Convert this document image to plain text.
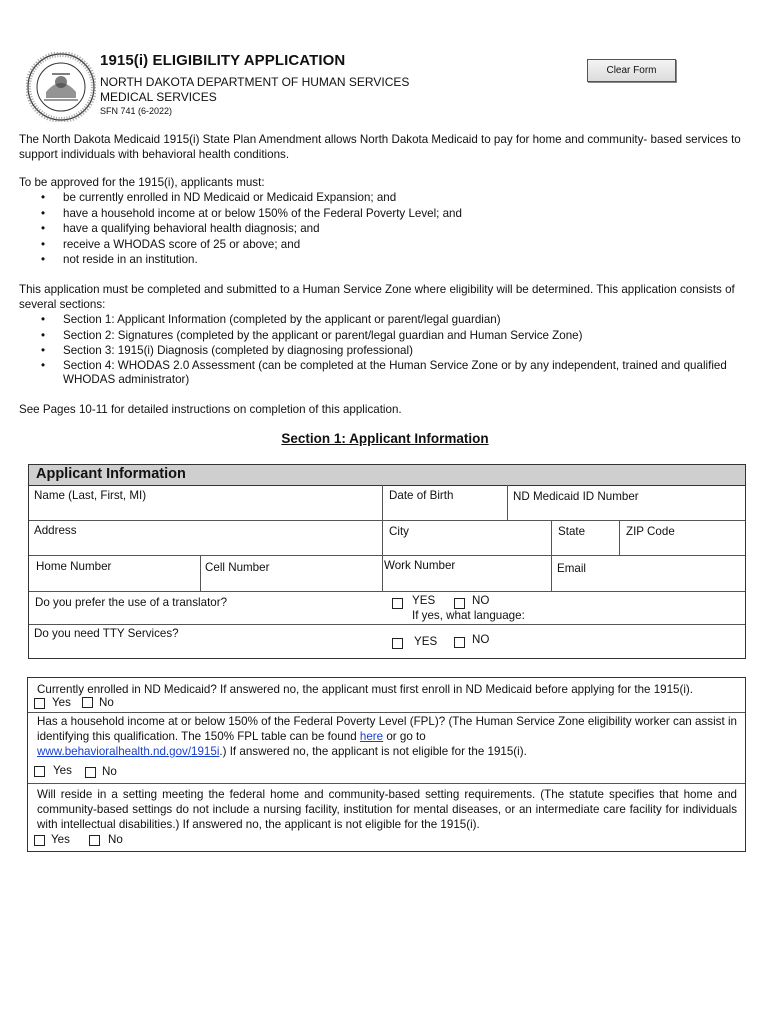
1915(i) ELIGIBILITY APPLICATION
NORTH DAKOTA DEPARTMENT OF HUMAN SERVICES
MEDICAL SERVICES
SFN 741 (6-2022)
Clear Form
The North Dakota Medicaid 1915(i) State Plan Amendment allows North Dakota Medicaid to pay for home and community- based services to support individuals with behavioral health conditions.
To be approved for the 1915(i), applicants must:
• be currently enrolled in ND Medicaid or Medicaid Expansion; and
• have a household income at or below 150% of the Federal Poverty Level; and
• have a qualifying behavioral health diagnosis; and
• receive a WHODAS score of 25 or above; and
• not reside in an institution.
This application must be completed and submitted to a Human Service Zone where eligibility will be determined. This application consists of several sections:
• Section 1: Applicant Information (completed by the applicant or parent/legal guardian)
• Section 2: Signatures (completed by the applicant or parent/legal guardian and Human Service Zone)
• Section 3: 1915(i) Diagnosis (completed by diagnosing professional)
• Section 4: WHODAS 2.0 Assessment (can be completed at the Human Service Zone or by any independent, trained and qualified WHODAS administrator)
See Pages 10-11 for detailed instructions on completion of this application.
Section 1: Applicant Information
Applicant Information
Name (Last, First, MI)	Date of Birth	ND Medicaid ID Number
Address	City	State	ZIP Code
Home Number	Cell Number	Work Number	Email
Do you prefer the use of a translator?	YES	NO
If yes, what language:
Do you need TTY Services?
YES	NO
Currently enrolled in ND Medicaid? If answered no, the applicant must first enroll in ND Medicaid before applying for the 1915(i).
Yes No
Has a household income at or below 150% of the Federal Poverty Level (FPL)? (The Human Service Zone eligibility worker can assist in identifying this qualification. The 150% FPL table can be found here or go to
www.behavioralhealth.nd.gov/1915i.) If answered no, the applicant is not eligible for the 1915(i).
Yes	No
Will reside in a setting meeting the federal home and community-based setting requirements. (The statute specifies that home and community-based settings do not include a nursing facility, institution for mental diseases, or an intermediate care facility for individuals with intellectual disabilities.) If answered no, the applicant is not eligible for the 1915(i).
Yes	No
